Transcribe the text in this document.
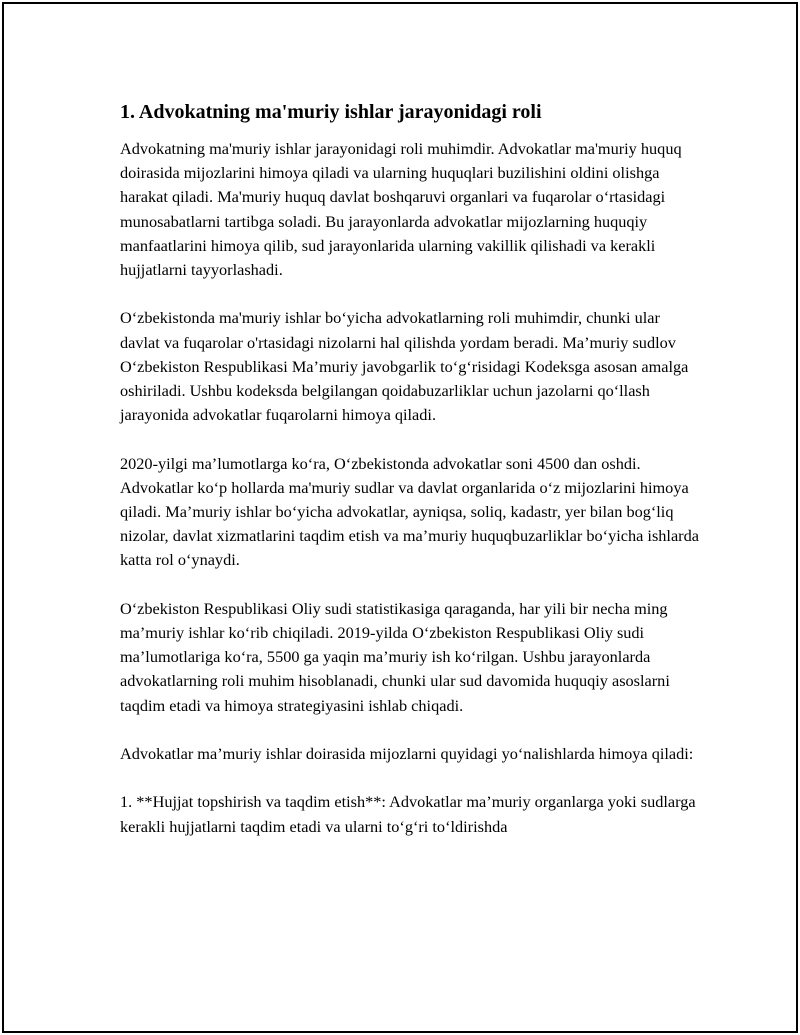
1. Advokatning ma'muriy ishlar jarayonidagi roli

Advokatning ma'muriy ishlar jarayonidagi roli muhimdir. Advokatlar ma'muriy huquq doirasida mijozlarini himoya qiladi va ularning huquqlari buzilishini oldini olishga harakat qiladi. Ma'muriy huquq davlat boshqaruvi organlari va fuqarolar o‘rtasidagi munosabatlarni tartibga soladi. Bu jarayonlarda advokatlar mijozlarning huquqiy manfaatlarini himoya qilib, sud jarayonlarida ularning vakillik qilishadi va kerakli hujjatlarni tayyorlashadi.

O‘zbekistonda ma'muriy ishlar bo‘yicha advokatlarning roli muhimdir, chunki ular davlat va fuqarolar o'rtasidagi nizolarni hal qilishda yordam beradi. Ma’muriy sudlov O‘zbekiston Respublikasi Ma’muriy javobgarlik to‘g‘risidagi Kodeksga asosan amalga oshiriladi. Ushbu kodeksda belgilangan qoidabuzarliklar uchun jazolarni qo‘llash jarayonida advokatlar fuqarolarni himoya qiladi.

2020-yilgi ma’lumotlarga ko‘ra, O‘zbekistonda advokatlar soni 4500 dan oshdi. Advokatlar ko‘p hollarda ma'muriy sudlar va davlat organlarida o‘z mijozlarini himoya qiladi. Ma’muriy ishlar bo‘yicha advokatlar, ayniqsa, soliq, kadastr, yer bilan bog‘liq nizolar, davlat xizmatlarini taqdim etish va ma’muriy huquqbuzarliklar bo‘yicha ishlarda katta rol o‘ynaydi.

O‘zbekiston Respublikasi Oliy sudi statistikasiga qaraganda, har yili bir necha ming ma’muriy ishlar ko‘rib chiqiladi. 2019-yilda O‘zbekiston Respublikasi Oliy sudi ma’lumotlariga ko‘ra, 5500 ga yaqin ma’muriy ish ko‘rilgan. Ushbu jarayonlarda advokatlarning roli muhim hisoblanadi, chunki ular sud davomida huquqiy asoslarni taqdim etadi va himoya strategiyasini ishlab chiqadi.

Advokatlar ma’muriy ishlar doirasida mijozlarni quyidagi yo‘nalishlarda himoya qiladi:

1. **Hujjat topshirish va taqdim etish**: Advokatlar ma’muriy organlarga yoki sudlarga kerakli hujjatlarni taqdim etadi va ularni to‘g‘ri to‘ldirishda
